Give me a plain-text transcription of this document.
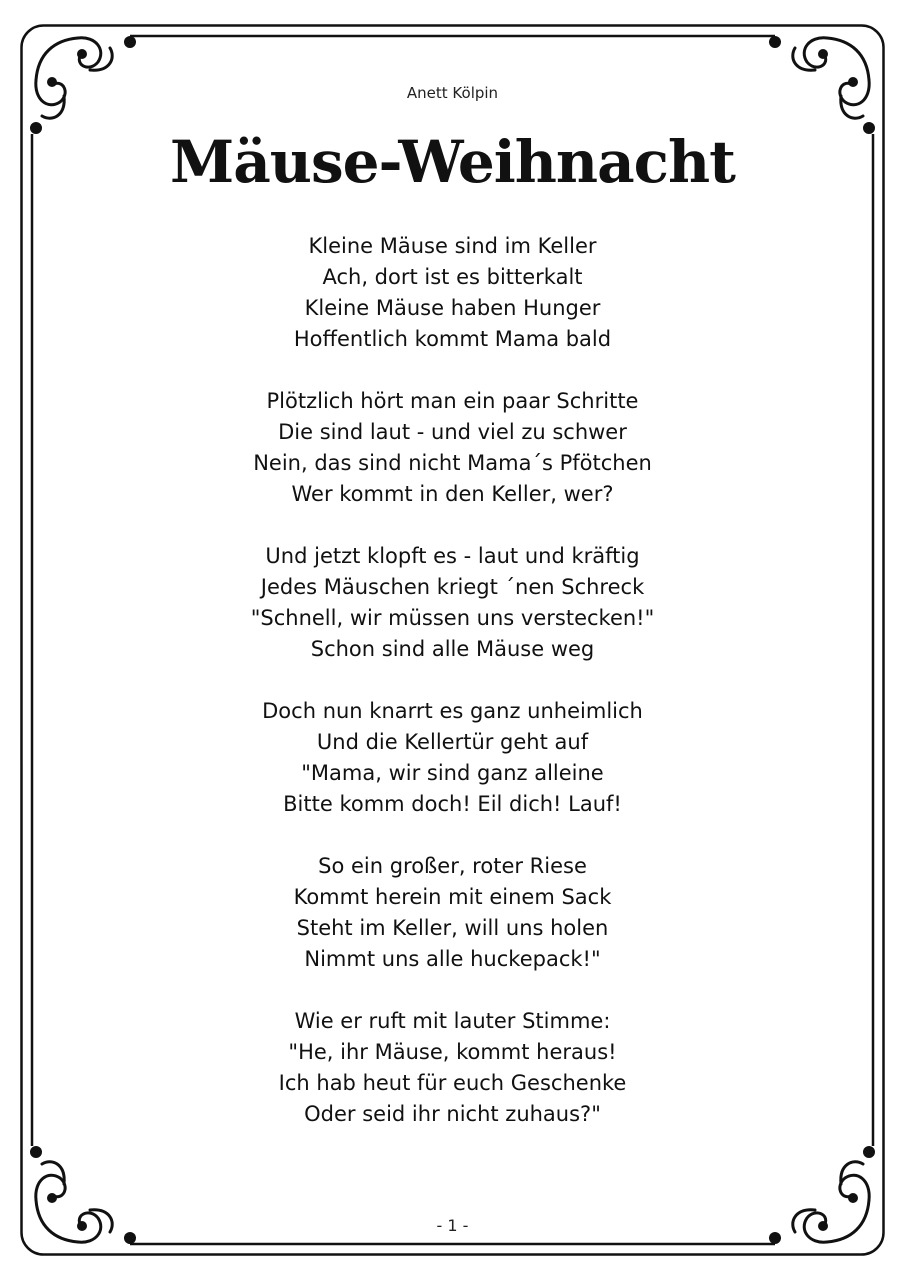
Anett Kölpin
Mäuse-Weihnacht
Kleine Mäuse sind im Keller
Ach, dort ist es bitterkalt
Kleine Mäuse haben Hunger
Hoffentlich kommt Mama bald
Plötzlich hört man ein paar Schritte
Die sind laut - und viel zu schwer
Nein, das sind nicht Mama´s Pfötchen
Wer kommt in den Keller, wer?
Und jetzt klopft es - laut und kräftig
Jedes Mäuschen kriegt ´nen Schreck
"Schnell, wir müssen uns verstecken!"
Schon sind alle Mäuse weg
Doch nun knarrt es ganz unheimlich
Und die Kellertür geht auf
"Mama, wir sind ganz alleine
Bitte komm doch! Eil dich! Lauf!
So ein großer, roter Riese
Kommt herein mit einem Sack
Steht im Keller, will uns holen
Nimmt uns alle huckepack!"
Wie er ruft mit lauter Stimme:
"He, ihr Mäuse, kommt heraus!
Ich hab heut für euch Geschenke
Oder seid ihr nicht zuhaus?"
- 1 -
